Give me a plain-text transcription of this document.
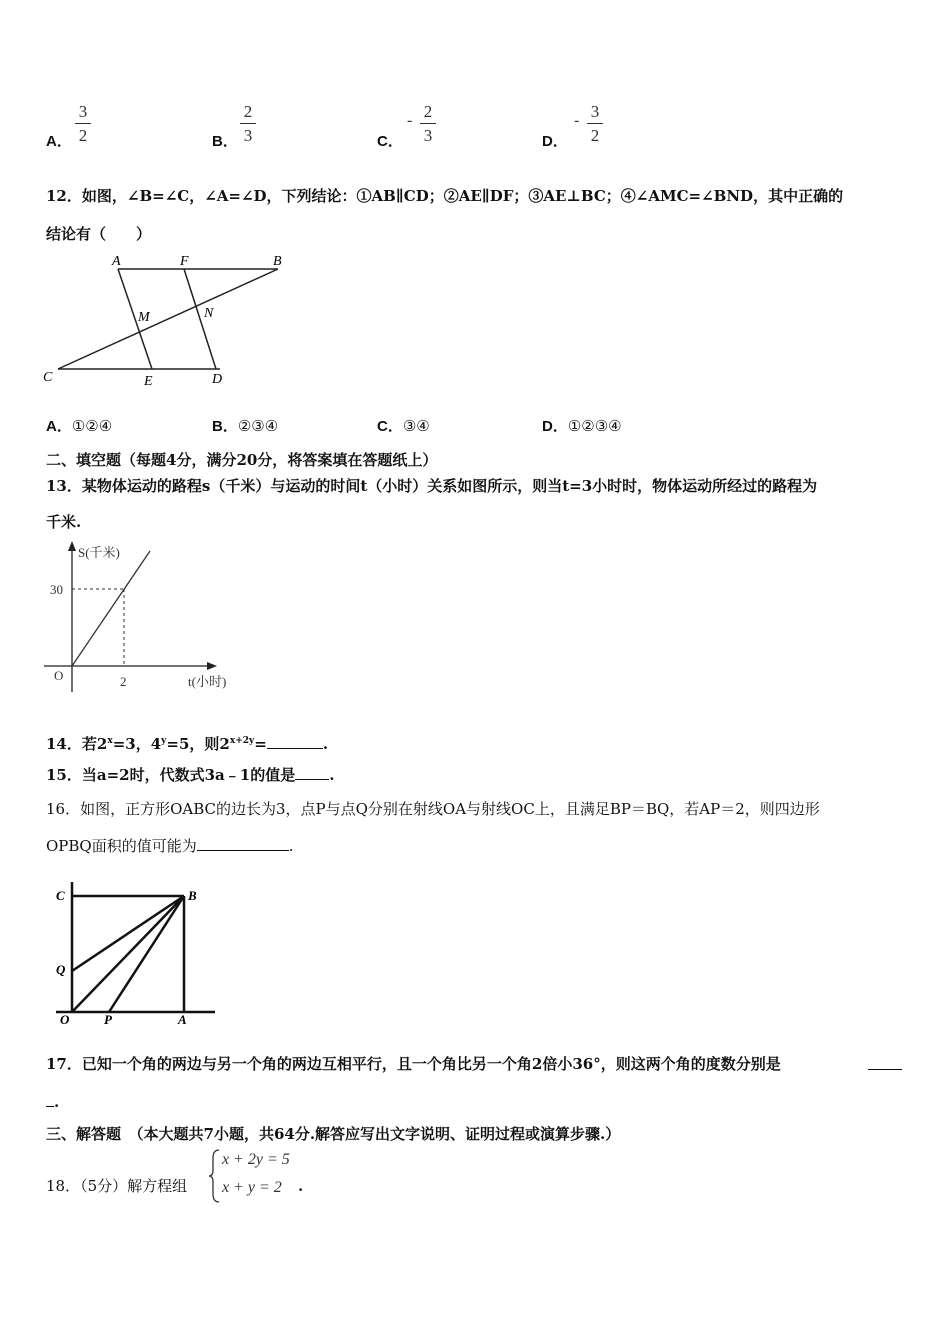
A．
3
2	B．
2
3	C．
- 2
3	D．
- 3
2
12．如图，∠B=∠C，∠A=∠D，下列结论：①AB∥CD；②AE∥DF；③AE⊥BC；④∠AMC=∠BND，其中正确的
结论有（　　）
A	F	B
M	N
C	E	D
A．①②④	B．②③④	C．③④	D．①②③④
二、填空题（每题4分，满分20分，将答案填在答题纸上）
13．某物体运动的路程s（千米）与运动的时间t（小时）关系如图所示，则当t=3小时时，物体运动所经过的路程为
千米.
S(千米)
30
O	2	t(小时)
14．若$2^x=3$，$4^y=5$，则$2^{x+2y}=$	.
15．当a=2时，代数式3a﹣1的值是 .
16．如图，正方形OABC的边长为3，点P与点Q分别在射线OA与射线OC上，且满足BP＝BQ，若AP＝2，则四边形
OPBQ面积的值可能为	.
C	B
Q
O	P	A
17．已知一个角的两边与另一个角的两边互相平行，且一个角比另一个角2倍小36°，则这两个角的度数分别是
.
三、解答题　（本大题共7小题，共64分.解答应写出文字说明、证明过程或演算步骤.）
18．（5分）解方程组
x + 2y = 5
x + y = 2 .
